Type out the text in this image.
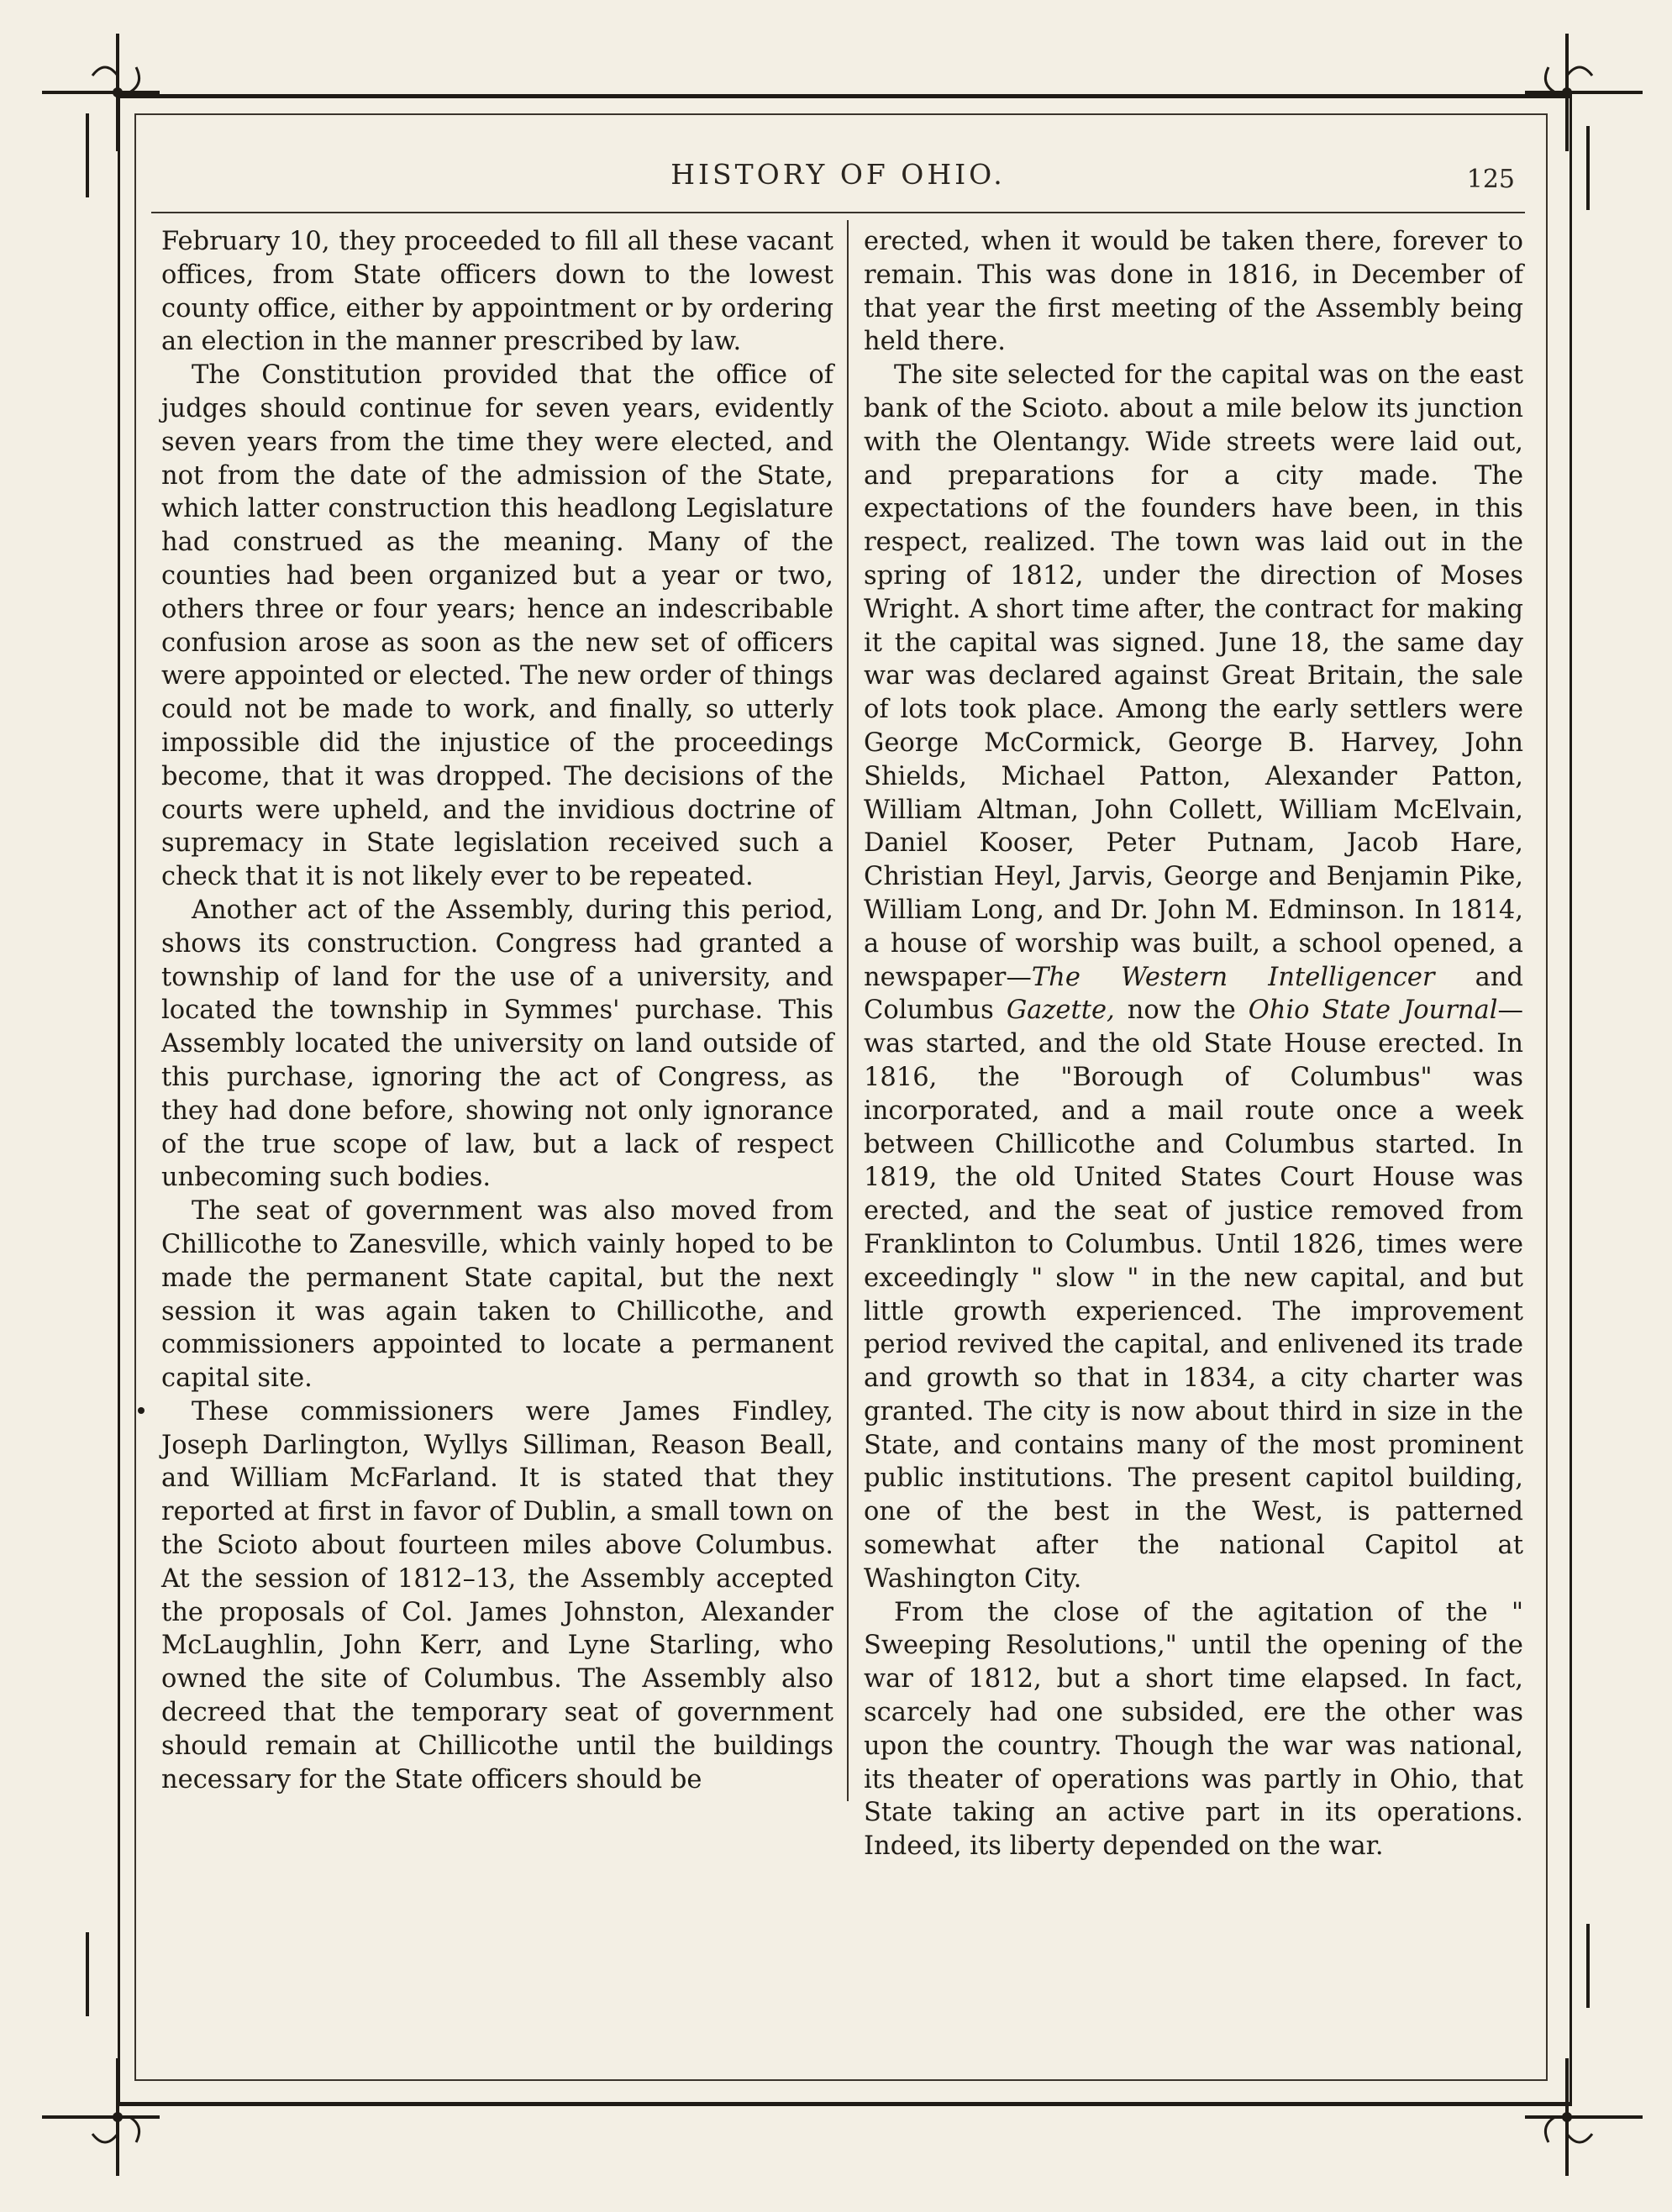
HISTORY OF OHIO.	125

February 10, they proceeded to fill all these vacant offices, from State officers down to the lowest county office, either by appointment or by ordering an election in the manner prescribed by law.

The Constitution provided that the office of judges should continue for seven years, evidently seven years from the time they were elected, and not from the date of the admission of the State, which latter construction this headlong Legislature had construed as the meaning. Many of the counties had been organized but a year or two, others three or four years; hence an indescribable confusion arose as soon as the new set of officers were appointed or elected. The new order of things could not be made to work, and finally, so utterly impossible did the injustice of the proceedings become, that it was dropped. The decisions of the courts were upheld, and the invidious doctrine of supremacy in State legislation received such a check that it is not likely ever to be repeated.

Another act of the Assembly, during this period, shows its construction. Congress had granted a township of land for the use of a university, and located the township in Symmes' purchase. This Assembly located the university on land outside of this purchase, ignoring the act of Congress, as they had done before, showing not only ignorance of the true scope of law, but a lack of respect unbecoming such bodies.

The seat of government was also moved from Chillicothe to Zanesville, which vainly hoped to be made the permanent State capital, but the next session it was again taken to Chillicothe, and commissioners appointed to locate a permanent capital site.

These commissioners were James Findley, Joseph Darlington, Wyllys Silliman, Reason Beall, and William McFarland. It is stated that they reported at first in favor of Dublin, a small town on the Scioto about fourteen miles above Columbus. At the session of 1812–13, the Assembly accepted the proposals of Col. James Johnston, Alexander McLaughlin, John Kerr, and Lyne Starling, who owned the site of Columbus. The Assembly also decreed that the temporary seat of government should remain at Chillicothe until the buildings necessary for the State officers should be

erected, when it would be taken there, forever to remain. This was done in 1816, in December of that year the first meeting of the Assembly being held there.

The site selected for the capital was on the east bank of the Scioto. about a mile below its junction with the Olentangy. Wide streets were laid out, and preparations for a city made. The expectations of the founders have been, in this respect, realized. The town was laid out in the spring of 1812, under the direction of Moses Wright. A short time after, the contract for making it the capital was signed. June 18, the same day war was declared against Great Britain, the sale of lots took place. Among the early settlers were George McCormick, George B. Harvey, John Shields, Michael Patton, Alexander Patton, William Altman, John Collett, William McElvain, Daniel Kooser, Peter Putnam, Jacob Hare, Christian Heyl, Jarvis, George and Benjamin Pike, William Long, and Dr. John M. Edminson. In 1814, a house of worship was built, a school opened, a newspaper—The Western Intelligencer and Columbus Gazette, now the Ohio State Journal—was started, and the old State House erected. In 1816, the "Borough of Columbus" was incorporated, and a mail route once a week between Chillicothe and Columbus started. In 1819, the old United States Court House was erected, and the seat of justice removed from Franklinton to Columbus. Until 1826, times were exceedingly " slow " in the new capital, and but little growth experienced. The improvement period revived the capital, and enlivened its trade and growth so that in 1834, a city charter was granted. The city is now about third in size in the State, and contains many of the most prominent public institutions. The present capitol building, one of the best in the West, is patterned somewhat after the national Capitol at Washington City.

From the close of the agitation of the " Sweeping Resolutions," until the opening of the war of 1812, but a short time elapsed. In fact, scarcely had one subsided, ere the other was upon the country. Though the war was national, its theater of operations was partly in Ohio, that State taking an active part in its operations. Indeed, its liberty depended on the war.
